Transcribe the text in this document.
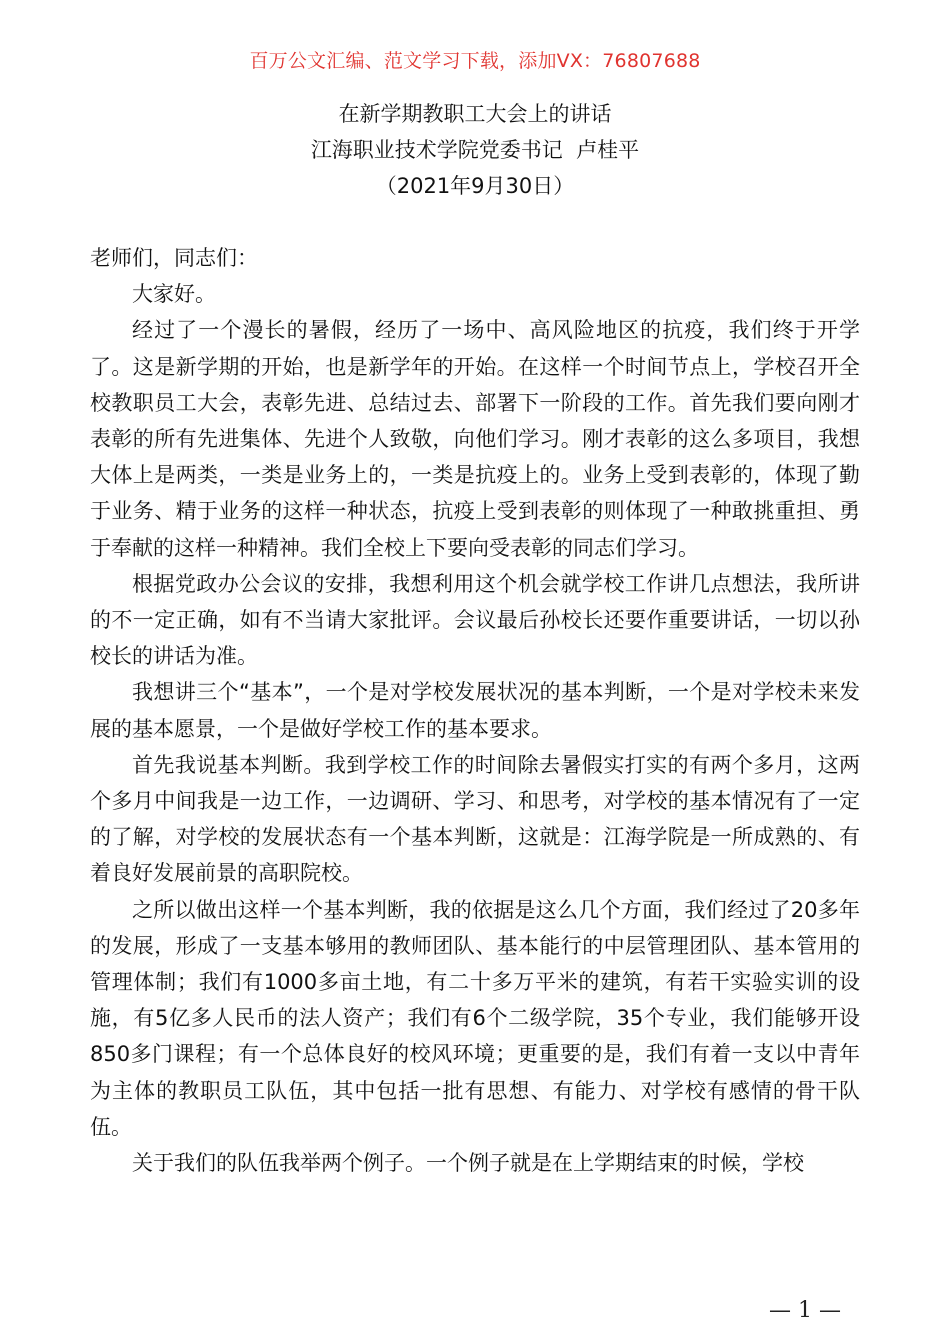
百万公文汇编、范文学习下载，添加VX：76807688
在新学期教职工大会上的讲话
江海职业技术学院党委书记  卢桂平
（2021年9月30日）

老师们，同志们：

大家好。

经过了一个漫长的暑假，经历了一场中、高风险地区的抗疫，我们终于开学了。这是新学期的开始，也是新学年的开始。在这样一个时间节点上，学校召开全校教职员工大会，表彰先进、总结过去、部署下一阶段的工作。首先我们要向刚才表彰的所有先进集体、先进个人致敬，向他们学习。刚才表彰的这么多项目，我想大体上是两类，一类是业务上的，一类是抗疫上的。业务上受到表彰的，体现了勤于业务、精于业务的这样一种状态，抗疫上受到表彰的则体现了一种敢挑重担、勇于奉献的这样一种精神。我们全校上下要向受表彰的同志们学习。

根据党政办公会议的安排，我想利用这个机会就学校工作讲几点想法，我所讲的不一定正确，如有不当请大家批评。会议最后孙校长还要作重要讲话，一切以孙校长的讲话为准。

我想讲三个“基本”，一个是对学校发展状况的基本判断，一个是对学校未来发展的基本愿景，一个是做好学校工作的基本要求。

首先我说基本判断。我到学校工作的时间除去暑假实打实的有两个多月，这两个多月中间我是一边工作，一边调研、学习、和思考，对学校的基本情况有了一定的了解，对学校的发展状态有一个基本判断，这就是：江海学院是一所成熟的、有着良好发展前景的高职院校。

之所以做出这样一个基本判断，我的依据是这么几个方面，我们经过了20多年的发展，形成了一支基本够用的教师团队、基本能行的中层管理团队、基本管用的管理体制；我们有1000多亩土地，有二十多万平米的建筑，有若干实验实训的设施，有5亿多人民币的法人资产；我们有6个二级学院，35个专业，我们能够开设850多门课程；有一个总体良好的校风环境；更重要的是，我们有着一支以中青年为主体的教职员工队伍，其中包括一批有思想、有能力、对学校有感情的骨干队伍。

关于我们的队伍我举两个例子。一个例子就是在上学期结束的时候，学校

— 1 —
